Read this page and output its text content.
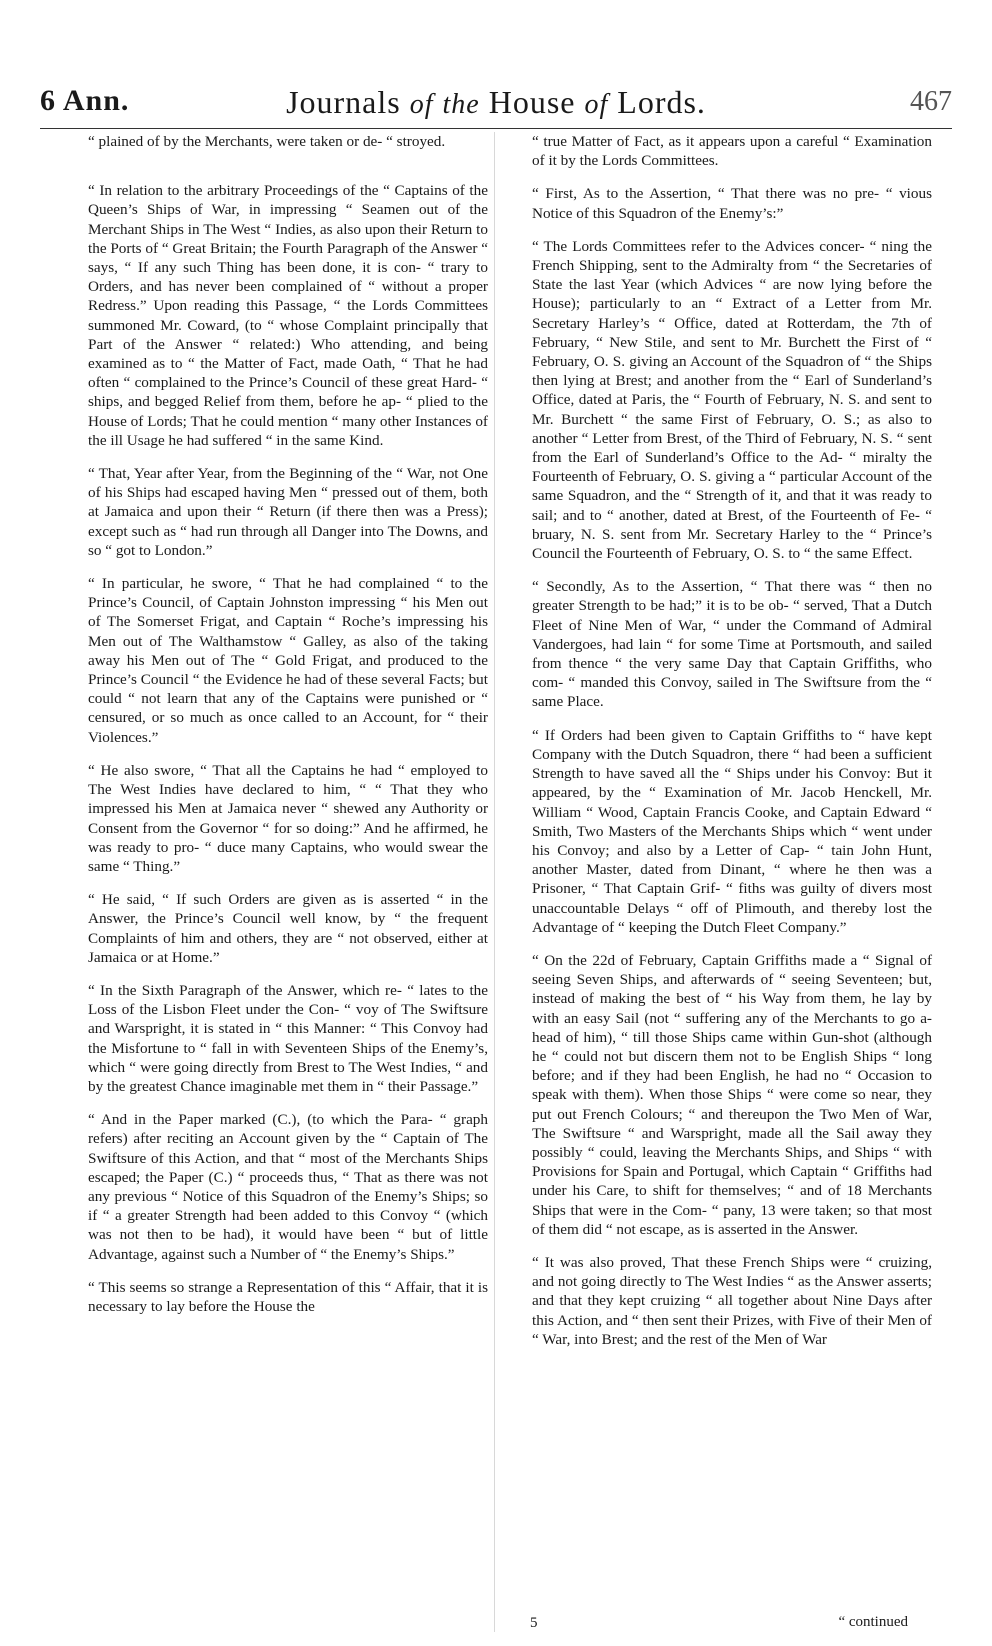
6 Ann.	Journals of the House of Lords.	467

“ plained of by the Merchants, were taken or de- “ stroyed.

“ In relation to the arbitrary Proceedings of the “ Captains of the Queen’s Ships of War, in impressing “ Seamen out of the Merchant Ships in The West “ Indies, as also upon their Return to the Ports of “ Great Britain; the Fourth Paragraph of the Answer “ says, “ If any such Thing has been done, it is con- “ trary to Orders, and has never been complained of “ without a proper Redress.” Upon reading this Passage, “ the Lords Committees summoned Mr. Coward, (to “ whose Complaint principally that Part of the Answer “ related:) Who attending, and being examined as to “ the Matter of Fact, made Oath, “ That he had often “ complained to the Prince’s Council of these great Hard- “ ships, and begged Relief from them, before he ap- “ plied to the House of Lords; That he could mention “ many other Instances of the ill Usage he had suffered “ in the same Kind.

“ That, Year after Year, from the Beginning of the “ War, not One of his Ships had escaped having Men “ pressed out of them, both at Jamaica and upon their “ Return (if there then was a Press); except such as “ had run through all Danger into The Downs, and so “ got to London.”

“ In particular, he swore, “ That he had complained “ to the Prince’s Council, of Captain Johnston impressing “ his Men out of The Somerset Frigat, and Captain “ Roche’s impressing his Men out of The Walthamstow “ Galley, as also of the taking away his Men out of The “ Gold Frigat, and produced to the Prince’s Council “ the Evidence he had of these several Facts; but could “ not learn that any of the Captains were punished or “ censured, or so much as once called to an Account, for “ their Violences.”

“ He also swore, “ That all the Captains he had “ employed to The West Indies have declared to him, “ “ That they who impressed his Men at Jamaica never “ shewed any Authority or Consent from the Governor “ for so doing:” And he affirmed, he was ready to pro- “ duce many Captains, who would swear the same “ Thing.”

“ He said, “ If such Orders are given as is asserted “ in the Answer, the Prince’s Council well know, by “ the frequent Complaints of him and others, they are “ not observed, either at Jamaica or at Home.”

“ In the Sixth Paragraph of the Answer, which re- “ lates to the Loss of the Lisbon Fleet under the Con- “ voy of The Swiftsure and Warspright, it is stated in “ this Manner: “ This Convoy had the Misfortune to “ fall in with Seventeen Ships of the Enemy’s, which “ were going directly from Brest to The West Indies, “ and by the greatest Chance imaginable met them in “ their Passage.”

“ And in the Paper marked (C.), (to which the Para- “ graph refers) after reciting an Account given by the “ Captain of The Swiftsure of this Action, and that “ most of the Merchants Ships escaped; the Paper (C.) “ proceeds thus, “ That as there was not any previous “ Notice of this Squadron of the Enemy’s Ships; so if “ a greater Strength had been added to this Convoy “ (which was not then to be had), it would have been “ but of little Advantage, against such a Number of “ the Enemy’s Ships.”

“ This seems so strange a Representation of this “ Affair, that it is necessary to lay before the House the

“ true Matter of Fact, as it appears upon a careful “ Examination of it by the Lords Committees.

“ First, As to the Assertion, “ That there was no pre- “ vious Notice of this Squadron of the Enemy’s:”

“ The Lords Committees refer to the Advices concer- “ ning the French Shipping, sent to the Admiralty from “ the Secretaries of State the last Year (which Advices “ are now lying before the House); particularly to an “ Extract of a Letter from Mr. Secretary Harley’s “ Office, dated at Rotterdam, the 7th of February, “ New Stile, and sent to Mr. Burchett the First of “ February, O. S. giving an Account of the Squadron of “ the Ships then lying at Brest; and another from the “ Earl of Sunderland’s Office, dated at Paris, the “ Fourth of February, N. S. and sent to Mr. Burchett “ the same First of February, O. S.; as also to another “ Letter from Brest, of the Third of February, N. S. “ sent from the Earl of Sunderland’s Office to the Ad- “ miralty the Fourteenth of February, O. S. giving a “ particular Account of the same Squadron, and the “ Strength of it, and that it was ready to sail; and to “ another, dated at Brest, of the Fourteenth of Fe- “ bruary, N. S. sent from Mr. Secretary Harley to the “ Prince’s Council the Fourteenth of February, O. S. to “ the same Effect.

“ Secondly, As to the Assertion, “ That there was “ then no greater Strength to be had;” it is to be ob- “ served, That a Dutch Fleet of Nine Men of War, “ under the Command of Admiral Vandergoes, had lain “ for some Time at Portsmouth, and sailed from thence “ the very same Day that Captain Griffiths, who com- “ manded this Convoy, sailed in The Swiftsure from the “ same Place.

“ If Orders had been given to Captain Griffiths to “ have kept Company with the Dutch Squadron, there “ had been a sufficient Strength to have saved all the “ Ships under his Convoy: But it appeared, by the “ Examination of Mr. Jacob Henckell, Mr. William “ Wood, Captain Francis Cooke, and Captain Edward “ Smith, Two Masters of the Merchants Ships which “ went under his Convoy; and also by a Letter of Cap- “ tain John Hunt, another Master, dated from Dinant, “ where he then was a Prisoner, “ That Captain Grif- “ fiths was guilty of divers most unaccountable Delays “ off of Plimouth, and thereby lost the Advantage of “ keeping the Dutch Fleet Company.”

“ On the 22d of February, Captain Griffiths made a “ Signal of seeing Seven Ships, and afterwards of “ seeing Seventeen; but, instead of making the best of “ his Way from them, he lay by with an easy Sail (not “ suffering any of the Merchants to go a-head of him), “ till those Ships came within Gun-shot (although he “ could not but discern them not to be English Ships “ long before; and if they had been English, he had no “ Occasion to speak with them). When those Ships “ were come so near, they put out French Colours; “ and thereupon the Two Men of War, The Swiftsure “ and Warspright, made all the Sail away they possibly “ could, leaving the Merchants Ships, and Ships “ with Provisions for Spain and Portugal, which Captain “ Griffiths had under his Care, to shift for themselves; “ and of 18 Merchants Ships that were in the Com- “ pany, 13 were taken; so that most of them did “ not escape, as is asserted in the Answer.

“ It was also proved, That these French Ships were “ cruizing, and not going directly to The West Indies “ as the Answer asserts; and that they kept cruizing “ all together about Nine Days after this Action, and “ then sent their Prizes, with Five of their Men of “ War, into Brest; and the rest of the Men of War

5	“ continued
